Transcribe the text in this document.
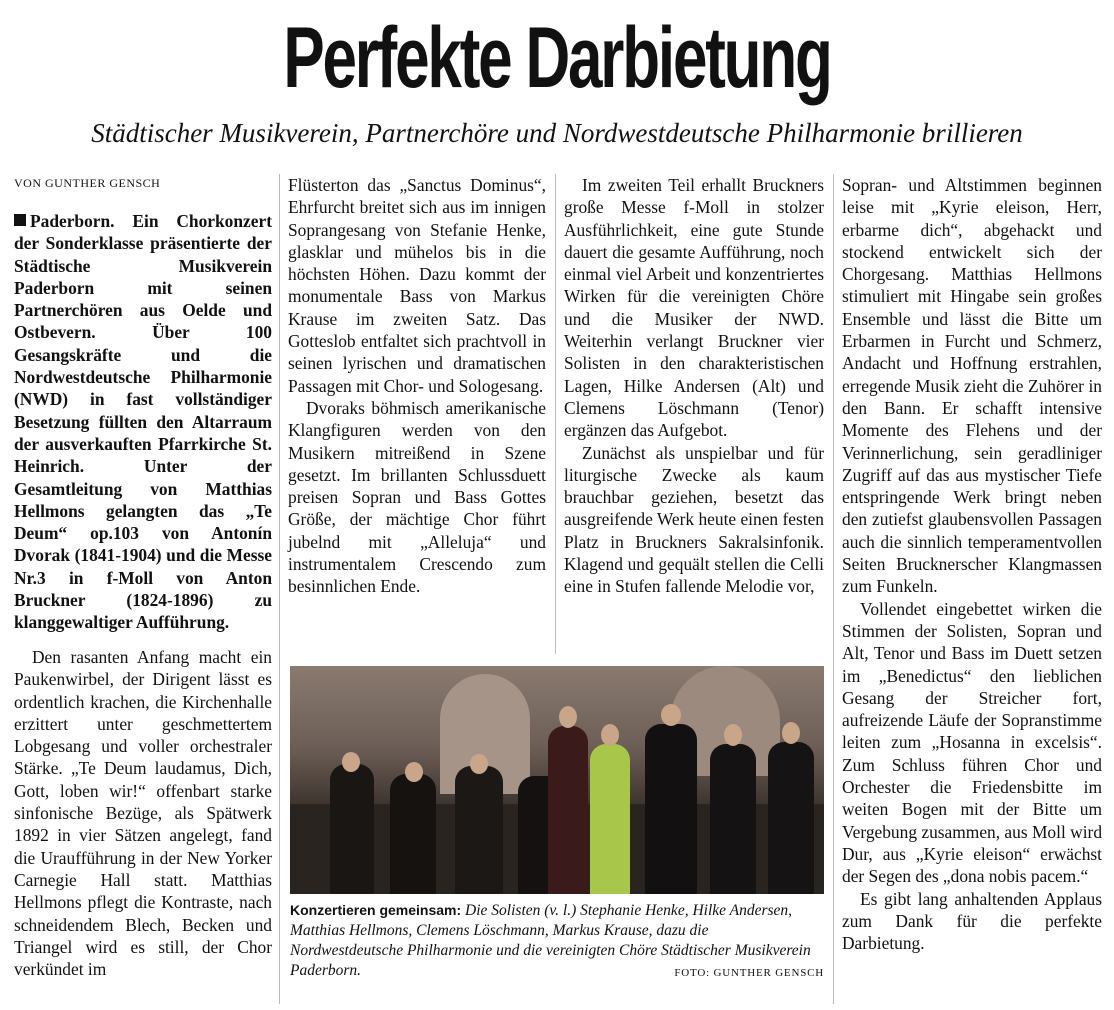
Perfekte Darbietung
Städtischer Musikverein, Partnerchöre und Nordwestdeutsche Philharmonie brillieren
VON GUNTHER GENSCH
Paderborn. Ein Chorkonzert der Sonderklasse präsentierte der Städtische Musikverein Paderborn mit seinen Partnerchören aus Oelde und Ostbevern. Über 100 Gesangskräfte und die Nordwestdeutsche Philharmonie (NWD) in fast vollständiger Besetzung füllten den Altarraum der ausverkauften Pfarrkirche St. Heinrich. Unter der Gesamtleitung von Matthias Hellmons gelangten das „Te Deum“ op.103 von Antonín Dvorak (1841-1904) und die Messe Nr.3 in f-Moll von Anton Bruckner (1824-1896) zu klanggewaltiger Aufführung.

Den rasanten Anfang macht ein Paukenwirbel, der Dirigent lässt es ordentlich krachen, die Kirchenhalle erzittert unter geschmettertem Lobgesang und voller orchestraler Stärke. „Te Deum laudamus, Dich, Gott, loben wir!“ offenbart starke sinfonische Bezüge, als Spätwerk 1892 in vier Sätzen angelegt, fand die Uraufführung in der New Yorker Carnegie Hall statt. Matthias Hellmons pflegt die Kontraste, nach schneidendem Blech, Becken und Triangel wird es still, der Chor verkündet im

Flüsterton das „Sanctus Dominus“, Ehrfurcht breitet sich aus im innigen Soprangesang von Stefanie Henke, glasklar und mühelos bis in die höchsten Höhen. Dazu kommt der monumentale Bass von Markus Krause im zweiten Satz. Das Gotteslob entfaltet sich prachtvoll in seinen lyrischen und dramatischen Passagen mit Chor- und Sologesang.

Dvoraks böhmisch amerikanische Klangfiguren werden von den Musikern mitreißend in Szene gesetzt. Im brillanten Schlussduett preisen Sopran und Bass Gottes Größe, der mächtige Chor führt jubelnd mit „Alleluja“ und instrumentalem Crescendo zum besinnlichen Ende.

Im zweiten Teil erhallt Bruckners große Messe f-Moll in stolzer Ausführlichkeit, eine gute Stunde dauert die gesamte Aufführung, noch einmal viel Arbeit und konzentriertes Wirken für die vereinigten Chöre und die Musiker der NWD. Weiterhin verlangt Bruckner vier Solisten in den charakteristischen Lagen, Hilke Andersen (Alt) und Clemens Löschmann (Tenor) ergänzen das Aufgebot.

Zunächst als unspielbar und für liturgische Zwecke als kaum brauchbar geziehen, besetzt das ausgreifende Werk heute einen festen Platz in Bruckners Sakralsinfonik. Klagend und gequält stellen die Celli eine in Stufen fallende Melodie vor,

Sopran- und Altstimmen beginnen leise mit „Kyrie eleison, Herr, erbarme dich“, abgehackt und stockend entwickelt sich der Chorgesang. Matthias Hellmons stimuliert mit Hingabe sein großes Ensemble und lässt die Bitte um Erbarmen in Furcht und Schmerz, Andacht und Hoffnung erstrahlen, erregende Musik zieht die Zuhörer in den Bann. Er schafft intensive Momente des Flehens und der Verinnerlichung, sein geradliniger Zugriff auf das aus mystischer Tiefe entspringende Werk bringt neben den zutiefst glaubensvollen Passagen auch die sinnlich temperamentvollen Seiten Brucknerscher Klangmassen zum Funkeln.

Vollendet eingebettet wirken die Stimmen der Solisten, Sopran und Alt, Tenor und Bass im Duett setzen im „Benedictus“ den lieblichen Gesang der Streicher fort, aufreizende Läufe der Sopranstimme leiten zum „Hosanna in excelsis“. Zum Schluss führen Chor und Orchester die Friedensbitte im weiten Bogen mit der Bitte um Vergebung zusammen, aus Moll wird Dur, aus „Kyrie eleison“ erwächst der Segen des „dona nobis pacem.“

Es gibt lang anhaltenden Applaus zum Dank für die perfekte Darbietung.

Konzertieren gemeinsam: Die Solisten (v. l.) Stephanie Henke, Hilke Andersen, Matthias Hellmons, Clemens Löschmann, Markus Krause, dazu die Nordwestdeutsche Philharmonie und die vereinigten Chöre Städtischer Musikverein Paderborn.	FOTO: GUNTHER GENSCH
